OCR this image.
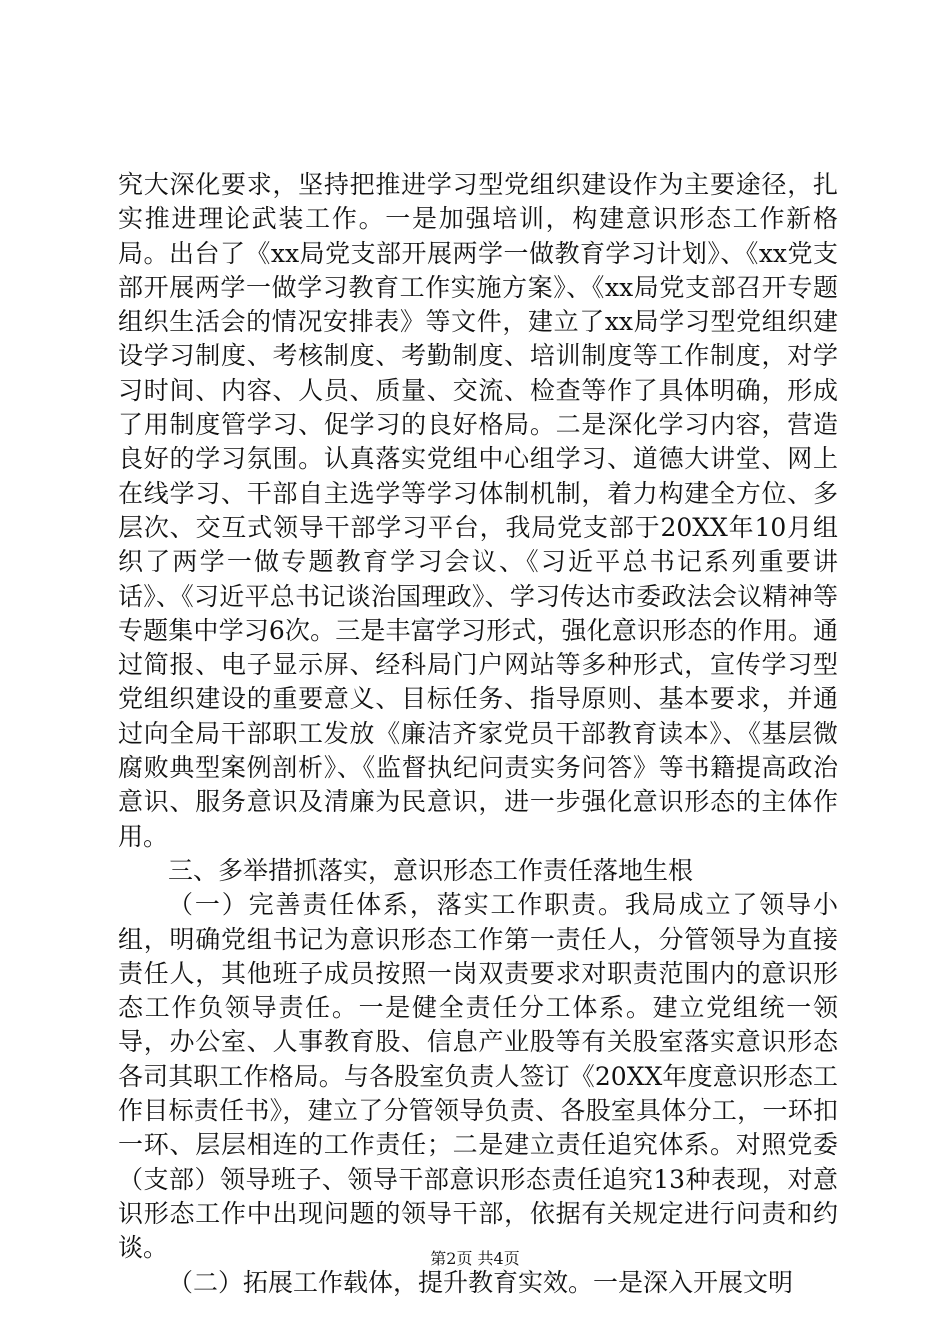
究大深化要求，坚持把推进学习型党组织建设作为主要途径，扎实推进理论武装工作。一是加强培训，构建意识形态工作新格局。出台了《xx局党支部开展两学一做教育学习计划》、《xx党支部开展两学一做学习教育工作实施方案》、《xx局党支部召开专题组织生活会的情况安排表》等文件，建立了xx局学习型党组织建设学习制度、考核制度、考勤制度、培训制度等工作制度，对学习时间、内容、人员、质量、交流、检查等作了具体明确，形成了用制度管学习、促学习的良好格局。二是深化学习内容，营造良好的学习氛围。认真落实党组中心组学习、道德大讲堂、网上在线学习、干部自主选学等学习体制机制，着力构建全方位、多层次、交互式领导干部学习平台，我局党支部于20XX年10月组织了两学一做专题教育学习会议、《习近平总书记系列重要讲话》、《习近平总书记谈治国理政》、学习传达市委政法会议精神等专题集中学习6次。三是丰富学习形式，强化意识形态的作用。通过简报、电子显示屏、经科局门户网站等多种形式，宣传学习型党组织建设的重要意义、目标任务、指导原则、基本要求，并通过向全局干部职工发放《廉洁齐家党员干部教育读本》、《基层微腐败典型案例剖析》、《监督执纪问责实务问答》等书籍提高政治意识、服务意识及清廉为民意识，进一步强化意识形态的主体作用。

三、多举措抓落实，意识形态工作责任落地生根

（一）完善责任体系，落实工作职责。我局成立了领导小组，明确党组书记为意识形态工作第一责任人，分管领导为直接责任人，其他班子成员按照一岗双责要求对职责范围内的意识形态工作负领导责任。一是健全责任分工体系。建立党组统一领导，办公室、人事教育股、信息产业股等有关股室落实意识形态各司其职工作格局。与各股室负责人签订《20XX年度意识形态工作目标责任书》，建立了分管领导负责、各股室具体分工，一环扣一环、层层相连的工作责任；二是建立责任追究体系。对照党委（支部）领导班子、领导干部意识形态责任追究13种表现，对意识形态工作中出现问题的领导干部，依据有关规定进行问责和约谈。

（二）拓展工作载体，提升教育实效。一是深入开展文明

第2页 共4页
